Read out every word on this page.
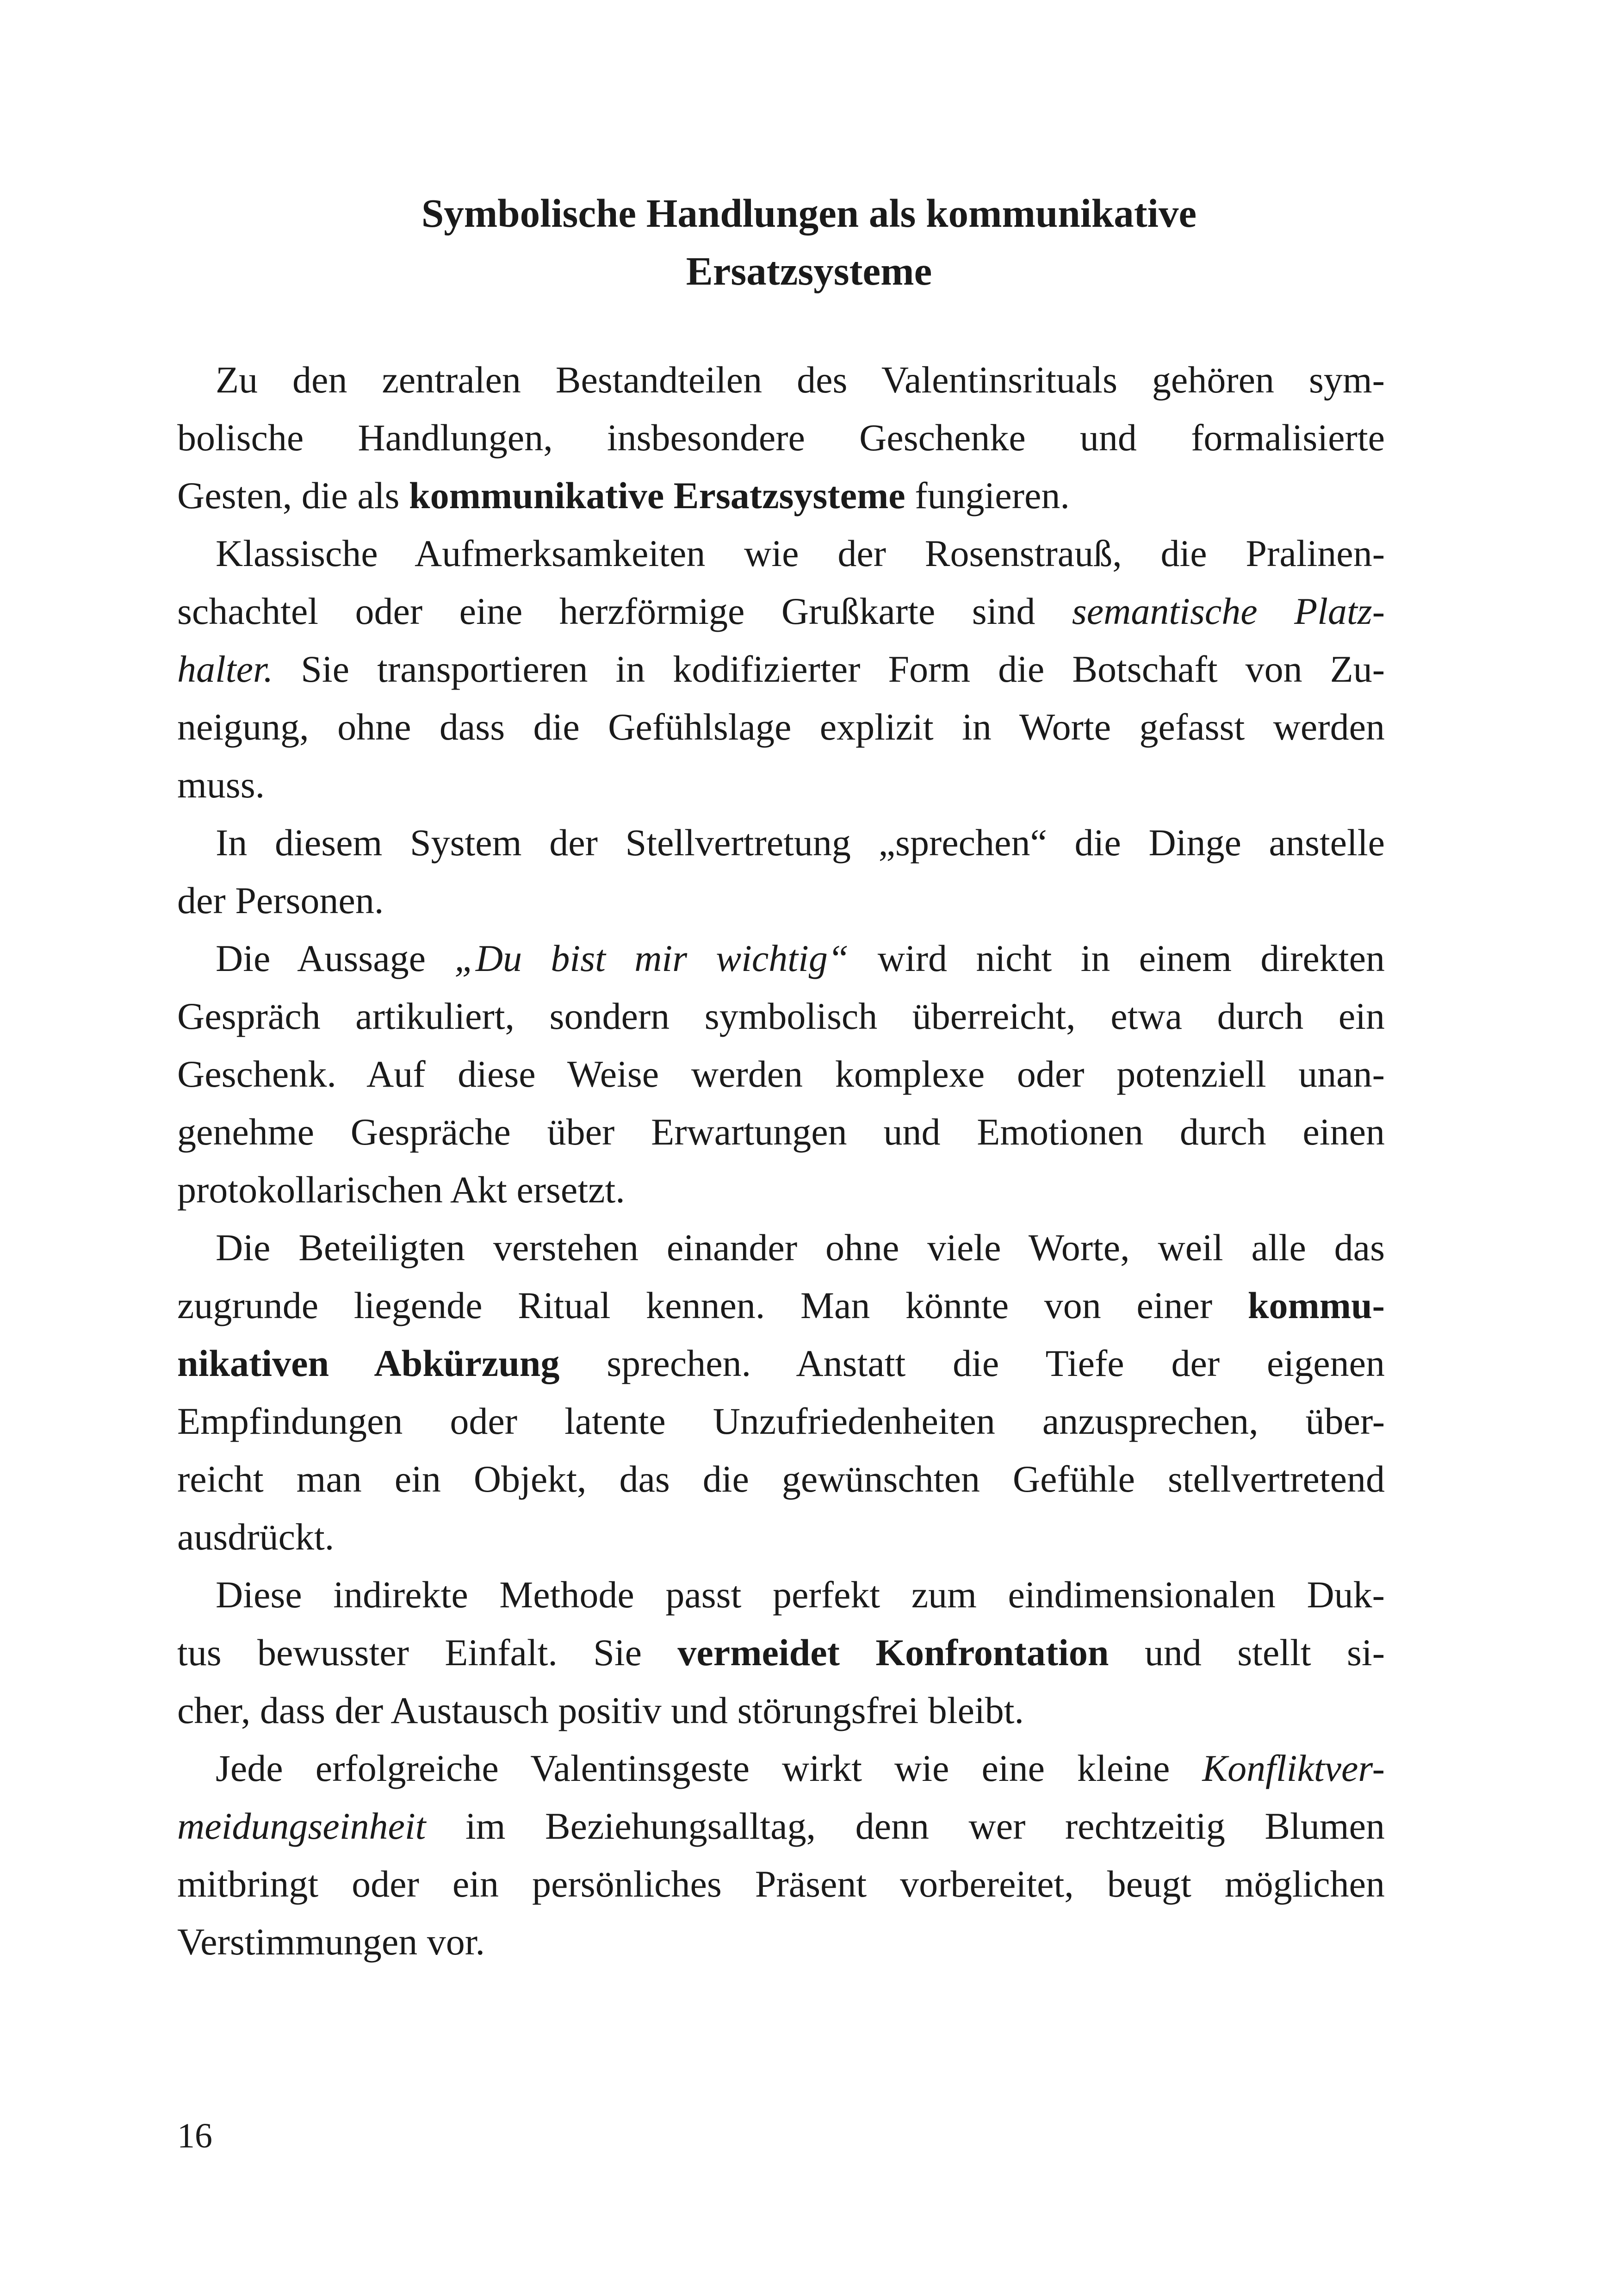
Symbolische Handlungen als kommunikative
Ersatzsysteme

Zu den zentralen Bestandteilen des Valentinsrituals gehören sym-
bolische Handlungen, insbesondere Geschenke und formalisierte
Gesten, die als kommunikative Ersatzsysteme fungieren.

Klassische Aufmerksamkeiten wie der Rosenstrauß, die Pralinen-
schachtel oder eine herzförmige Grußkarte sind semantische Platz-
halter. Sie transportieren in kodifizierter Form die Botschaft von Zu-
neigung, ohne dass die Gefühlslage explizit in Worte gefasst werden
muss.

In diesem System der Stellvertretung „sprechen“ die Dinge anstelle
der Personen.

Die Aussage „Du bist mir wichtig“ wird nicht in einem direkten
Gespräch artikuliert, sondern symbolisch überreicht, etwa durch ein
Geschenk. Auf diese Weise werden komplexe oder potenziell unan-
genehme Gespräche über Erwartungen und Emotionen durch einen
protokollarischen Akt ersetzt.

Die Beteiligten verstehen einander ohne viele Worte, weil alle das
zugrunde liegende Ritual kennen. Man könnte von einer kommu-
nikativen Abkürzung sprechen. Anstatt die Tiefe der eigenen
Empfindungen oder latente Unzufriedenheiten anzusprechen, über-
reicht man ein Objekt, das die gewünschten Gefühle stellvertretend
ausdrückt.

Diese indirekte Methode passt perfekt zum eindimensionalen Duk-
tus bewusster Einfalt. Sie vermeidet Konfrontation und stellt si-
cher, dass der Austausch positiv und störungsfrei bleibt.

Jede erfolgreiche Valentinsgeste wirkt wie eine kleine Konfliktver-
meidungseinheit im Beziehungsalltag, denn wer rechtzeitig Blumen
mitbringt oder ein persönliches Präsent vorbereitet, beugt möglichen
Verstimmungen vor.

16
